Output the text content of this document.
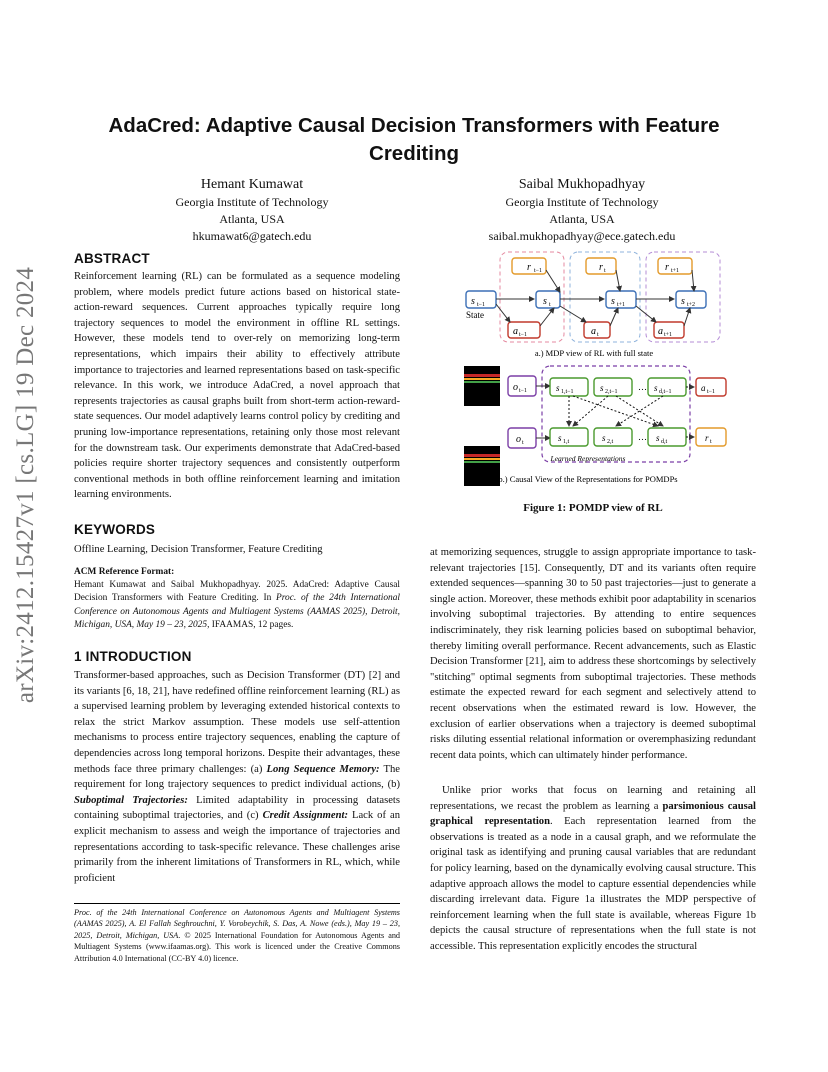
arXiv:2412.15427v1 [cs.LG] 19 Dec 2024
AdaCred: Adaptive Causal Decision Transformers with Feature Crediting
Hemant Kumawat
Georgia Institute of Technology
Atlanta, USA
hkumawat6@gatech.edu
Saibal Mukhopadhyay
Georgia Institute of Technology
Atlanta, USA
saibal.mukhopadhyay@ece.gatech.edu
ABSTRACT
Reinforcement learning (RL) can be formulated as a sequence modeling problem, where models predict future actions based on historical state-action-reward sequences. Current approaches typically require long trajectory sequences to model the environment in offline RL settings. However, these models tend to over-rely on memorizing long-term representations, which impairs their ability to effectively attribute importance to trajectories and learned representations based on task-specific relevance. In this work, we introduce AdaCred, a novel approach that represents trajectories as causal graphs built from short-term action-reward-state sequences. Our model adaptively learns control policy by crediting and pruning low-importance representations, retaining only those most relevant for the downstream task. Our experiments demonstrate that AdaCred-based policies require shorter trajectory sequences and consistently outperform conventional methods in both offline reinforcement learning and imitation learning environments.
KEYWORDS
Offline Learning, Decision Transformer, Feature Crediting
ACM Reference Format:
Hemant Kumawat and Saibal Mukhopadhyay. 2025. AdaCred: Adaptive Causal Decision Transformers with Feature Crediting. In Proc. of the 24th International Conference on Autonomous Agents and Multiagent Systems (AAMAS 2025), Detroit, Michigan, USA, May 19 – 23, 2025, IFAAMAS, 12 pages.
1 INTRODUCTION
Transformer-based approaches, such as Decision Transformer (DT) [2] and its variants [6, 18, 21], have redefined offline reinforcement learning (RL) as a supervised learning problem by leveraging extended historical contexts to relax the strict Markov assumption. These models use self-attention mechanisms to process entire trajectory sequences, enabling the capture of dependencies across long temporal horizons. Despite their advantages, these methods face three primary challenges: (a) Long Sequence Memory: The requirement for long trajectory sequences to predict individual actions, (b) Suboptimal Trajectories: Limited adaptability in processing datasets containing suboptimal trajectories, and (c) Credit Assignment: Lack of an explicit mechanism to assess and weigh the importance of trajectories and representations according to task-specific relevance. These challenges arise primarily from the inherent limitations of Transformers in RL, which, while proficient
Proc. of the 24th International Conference on Autonomous Agents and Multiagent Systems (AAMAS 2025), A. El Fallah Seghrouchni, Y. Vorobeychik, S. Das, A. Nowe (eds.), May 19 – 23, 2025, Detroit, Michigan, USA. © 2025 International Foundation for Autonomous Agents and Multiagent Systems (www.ifaamas.org). This work is licenced under the Creative Commons Attribution 4.0 International (CC-BY 4.0) licence.
r t−1	r t	r t+1
s t−1	s t	s t+1	s t+2
State
a t−1	a t	a t+1
a.) MDP view of RL with full state
o t−1
o t
s 1,t−1	s 2,t−1 … s d,t−1
s 1,t	s 2,t	… s d,t
a t−1
r t
Learned Representations
b.) Causal View of the Representations for POMDPs
Figure 1: POMDP view of RL
at memorizing sequences, struggle to assign appropriate importance to task-relevant trajectories [15]. Consequently, DT and its variants often require extended sequences—spanning 30 to 50 past trajectories—just to generate a single action. Moreover, these methods exhibit poor adaptability in scenarios involving suboptimal trajectories. By attending to entire sequences indiscriminately, they risk learning policies based on suboptimal behavior, thereby limiting overall performance. Recent advancements, such as Elastic Decision Transformer [21], aim to address these shortcomings by selectively "stitching" optimal segments from suboptimal trajectories. These methods estimate the expected reward for each segment and selectively attend to recent observations when the estimated reward is low. However, the exclusion of earlier observations when a trajectory is deemed suboptimal risks diluting essential relational information or overemphasizing redundant recent data points, which can ultimately hinder performance.
Unlike prior works that focus on learning and retaining all representations, we recast the problem as learning a parsimonious causal graphical representation. Each representation learned from the observations is treated as a node in a causal graph, and we reformulate the original task as identifying and pruning causal variables that are redundant for policy learning, based on the dynamically evolving causal structure. This adaptive approach allows the model to capture essential dependencies while discarding irrelevant data. Figure 1a illustrates the MDP perspective of reinforcement learning when the full state is available, whereas Figure 1b depicts the causal structure of representations when the full state is not accessible. This representation explicitly encodes the structural
